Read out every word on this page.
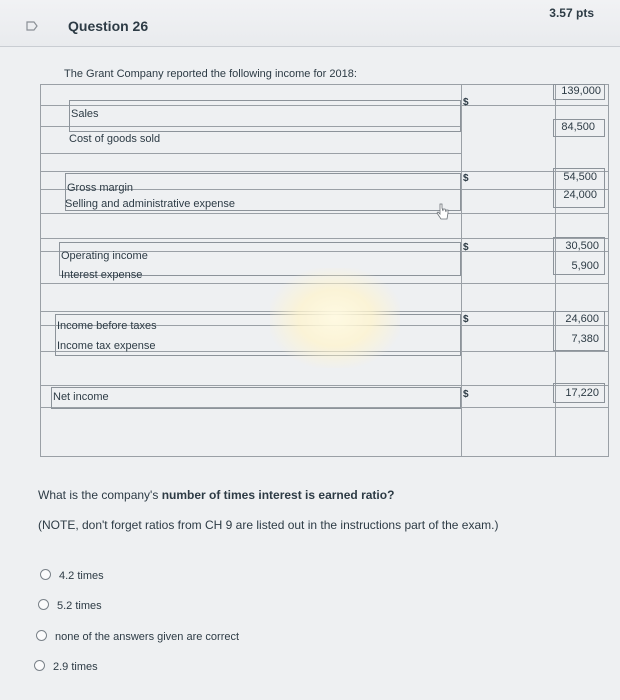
Question 26
3.57 pts
The Grant Company reported the following income for 2018:
Sales
Cost of goods sold
Gross margin
Selling and administrative expense
Operating income
Interest expense
Income before taxes
Income tax expense
Net income
$
$
$
$
$
139,000
84,500
54,500
24,000
30,500
5,900
24,600
7,380
17,220
What is the company's number of times interest is earned ratio?
(NOTE, don't forget ratios from CH 9 are listed out in the instructions part of the exam.)
4.2 times
5.2 times
none of the answers given are correct
2.9 times
